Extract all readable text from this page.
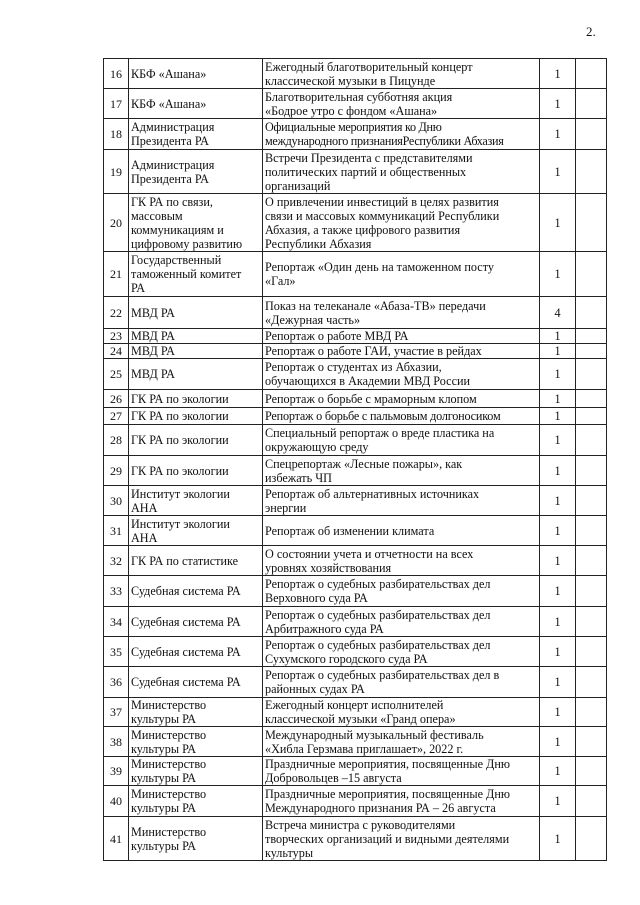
2.
16	КБФ «Ашана»	Ежегодный благотворительный концерт
классической музыки в Пицунде	1	
17	КБФ «Ашана»	Благотворительная субботняя акция
«Бодрое утро с фондом «Ашана»	1	
18	Администрация
Президента РА	Официальные мероприятия ко Дню
международного признанияРеспублики Абхазия	1	
19	Администрация
Президента РА	Встречи Президента с представителями
политических партий и общественных
организаций	1	
20	ГК РА по связи,
массовым
коммуникациям и
цифровому развитию	О привлечении инвестиций в целях развития
связи и массовых коммуникаций Республики
Абхазия, а также цифрового развития
Республики Абхазия	1	
21	Государственный
таможенный комитет
РА	Репортаж «Один день на таможенном посту
«Гал»	1	
22	МВД РА	Показ на телеканале «Абаза-ТВ» передачи
«Дежурная часть»	4	
23	МВД РА	Репортаж о работе МВД РА	1	
24	МВД РА	Репортаж о работе ГАИ, участие в рейдах	1	
25	МВД РА	Репортаж о студентах из Абхазии,
обучающихся в Академии МВД России	1	
26	ГК РА по экологии	Репортаж о борьбе с мраморным клопом	1	
27	ГК РА по экологии	Репортаж о борьбе с пальмовым долгоносиком	1	
28	ГК РА по экологии	Специальный репортаж о вреде пластика на
окружающую среду	1	
29	ГК РА по экологии	Спецрепортаж «Лесные пожары», как
избежать ЧП	1	
30	Институт экологии
АНА	Репортаж об альтернативных источниках
энергии	1	
31	Институт экологии
АНА	Репортаж об изменении климата	1	
32	ГК РА по статистике	О состоянии учета и отчетности на всех
уровнях хозяйствования	1	
33	Судебная система РА	Репортаж о судебных разбирательствах дел
Верховного суда РА	1	
34	Судебная система РА	Репортаж о судебных разбирательствах дел
Арбитражного суда РА	1	
35	Судебная система РА	Репортаж о судебных разбирательствах дел
Сухумского городского суда РА	1	
36	Судебная система РА	Репортаж о судебных разбирательствах дел в
районных судах РА	1	
37	Министерство
культуры РА	Ежегодный концерт исполнителей
классической музыки «Гранд опера»	1	
38	Министерство
культуры РА	Международный музыкальный фестиваль
«Хибла Герзмава приглашает», 2022 г.	1	
39	Министерство
культуры РА	Праздничные мероприятия, посвященные Дню
Добровольцев –15 августа	1	
40	Министерство
культуры РА	Праздничные мероприятия, посвященные Дню
Международного признания РА – 26 августа	1	
41	Министерство
культуры РА	Встреча министра с руководителями
творческих организаций и видными деятелями
культуры	1	
